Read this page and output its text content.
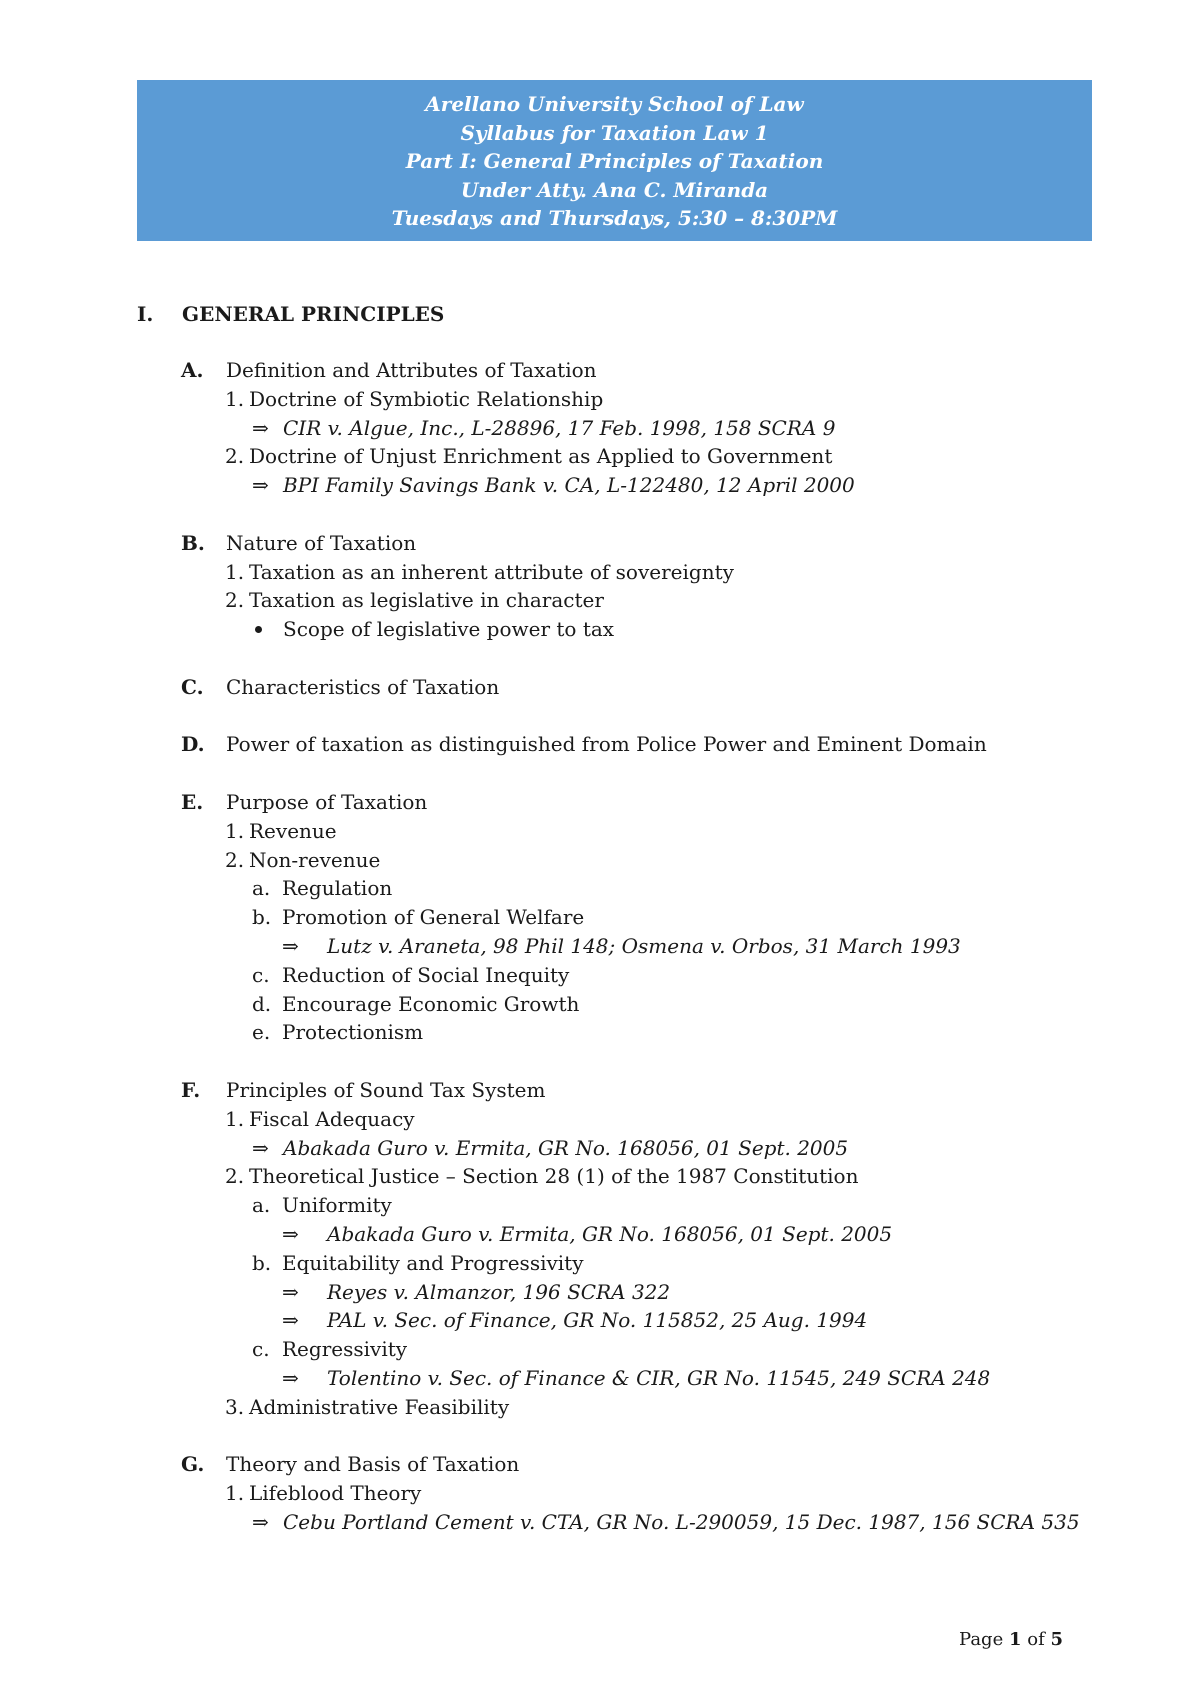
Arellano University School of Law
Syllabus for Taxation Law 1
Part I: General Principles of Taxation
Under Atty. Ana C. Miranda
Tuesdays and Thursdays, 5:30 – 8:30PM
I. GENERAL PRINCIPLES
A. Definition and Attributes of Taxation
1. Doctrine of Symbiotic Relationship
⇒ CIR v. Algue, Inc., L-28896, 17 Feb. 1998, 158 SCRA 9
2. Doctrine of Unjust Enrichment as Applied to Government
⇒ BPI Family Savings Bank v. CA, L-122480, 12 April 2000
B. Nature of Taxation
1. Taxation as an inherent attribute of sovereignty
2. Taxation as legislative in character
Scope of legislative power to tax
C. Characteristics of Taxation
D. Power of taxation as distinguished from Police Power and Eminent Domain
E. Purpose of Taxation
1. Revenue
2. Non-revenue
a. Regulation
b. Promotion of General Welfare
⇒ Lutz v. Araneta, 98 Phil 148; Osmena v. Orbos, 31 March 1993
c. Reduction of Social Inequity
d. Encourage Economic Growth
e. Protectionism
F. Principles of Sound Tax System
1. Fiscal Adequacy
⇒ Abakada Guro v. Ermita, GR No. 168056, 01 Sept. 2005
2. Theoretical Justice – Section 28 (1) of the 1987 Constitution
a. Uniformity
⇒ Abakada Guro v. Ermita, GR No. 168056, 01 Sept. 2005
b. Equitability and Progressivity
⇒ Reyes v. Almanzor, 196 SCRA 322
⇒ PAL v. Sec. of Finance, GR No. 115852, 25 Aug. 1994
c. Regressivity
⇒ Tolentino v. Sec. of Finance & CIR, GR No. 11545, 249 SCRA 248
3. Administrative Feasibility
G. Theory and Basis of Taxation
1. Lifeblood Theory
⇒ Cebu Portland Cement v. CTA, GR No. L-290059, 15 Dec. 1987, 156 SCRA 535
Page 1 of 5
